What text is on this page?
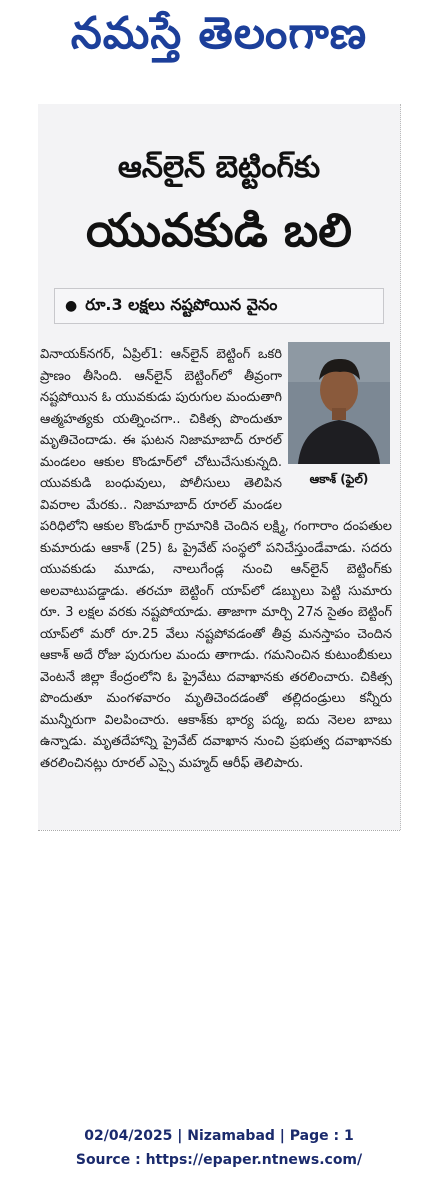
నమస్తే తెలంగాణ
ఆన్‌లైన్ బెట్టింగ్‌కు
యువకుడి బలి
● రూ.3 లక్షలు నష్టపోయిన వైనం

వినాయక్‌నగర్, ఏప్రిల్1: ఆన్‌లైన్ బెట్టింగ్ ఒకరి ప్రాణం తీసింది. ఆన్‌లైన్ బెట్టింగ్‌లో తీవ్రంగా నష్టపోయిన ఓ యువకుడు పురుగుల మందుతాగి ఆత్మహత్యకు యత్నించగా.. చికిత్స పొందుతూ మృతిచెందాడు. ఈ ఘటన నిజామాబాద్ రూరల్ మండలం ఆకుల కొండూర్‌లో చోటుచేసుకున్నది. యువకుడి బంధువులు, పోలీసులు తెలిపిన వివరాల మేరకు.. నిజామాబాద్ రూరల్ మండల పరిధిలోని ఆకుల కొండూర్ గ్రామానికి చెందిన లక్ష్మి, గంగారాం దంపతుల కుమారుడు ఆకాశ్ (25) ఓ ప్రైవేట్ సంస్థలో పనిచేస్తుండేవాడు. సదరు యువకుడు మూడు, నాలుగేండ్ల నుంచి ఆన్‌లైన్ బెట్టింగ్‌కు అలవాటుపడ్డాడు. తరచూ బెట్టింగ్ యాప్‌లో డబ్బులు పెట్టి సుమారు రూ. 3 లక్షల వరకు నష్టపోయాడు. తాజాగా మార్చి 27న సైతం బెట్టింగ్ యాప్‌లో మరో రూ.25 వేలు నష్టపోవడంతో తీవ్ర మనస్తాపం చెందిన ఆకాశ్ అదే రోజు పురుగుల మందు తాగాడు. గమనించిన కుటుంబీకులు వెంటనే జిల్లా కేంద్రంలోని ఓ ప్రైవేటు దవాఖానకు తరలించారు. చికిత్స పొందుతూ మంగళవారం మృతిచెందడంతో తల్లిదండ్రులు కన్నీరు మున్నీరుగా విలపించారు. ఆకాశ్‌కు భార్య పద్మ, ఐదు నెలల బాబు ఉన్నాడు. మృతదేహాన్ని ప్రైవేట్ దవాఖాన నుంచి ప్రభుత్వ దవాఖానకు తరలించినట్లు రూరల్ ఎస్సై మహ్మద్ ఆరీఫ్ తెలిపారు.

ఆకాశ్ (ఫైల్)
02/04/2025 | Nizamabad | Page : 1
Source : https://epaper.ntnews.com/
